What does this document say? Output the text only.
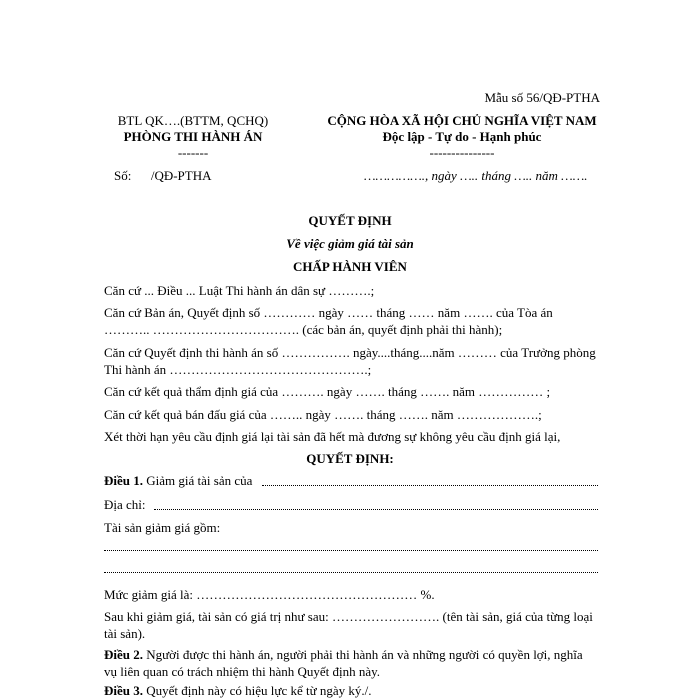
Mẫu số 56/QĐ-PTHA
BTL QK….(BTTM, QCHQ)
PHÒNG THI HÀNH ÁN
-------
Số:      /QĐ-PTHA
CỘNG HÒA XÃ HỘI CHỦ NGHĨA VIỆT NAM
Độc lập - Tự do - Hạnh phúc
---------------
……………., ngày ….. tháng ….. năm …….
QUYẾT ĐỊNH
Về việc giảm giá tài sản
CHẤP HÀNH VIÊN
Căn cứ ... Điều ... Luật Thi hành án dân sự ……….;
Căn cứ Bản án, Quyết định số ………… ngày …… tháng …… năm ……. của Tòa án ……….. ……………………………. (các bản án, quyết định phải thi hành);
Căn cứ Quyết định thi hành án số ……………. ngày....tháng....năm ……… của Trưởng phòng Thi hành án ……………………………………….;
Căn cứ kết quả thẩm định giá của ………. ngày ……. tháng ……. năm …………… ;
Căn cứ kết quả bán đấu giá của …….. ngày ……. tháng ……. năm ……………….;
Xét thời hạn yêu cầu định giá lại tài sản đã hết mà đương sự không yêu cầu định giá lại,
QUYẾT ĐỊNH:
Điều 1. Giảm giá tài sản của
Địa chỉ:
Tài sản giảm giá gồm:
Mức giảm giá là: …………………………………………… %.
Sau khi giảm giá, tài sản có giá trị như sau: ……………………. (tên tài sản, giá của từng loại tài sản).
Điều 2. Người được thi hành án, người phải thi hành án và những người có quyền lợi, nghĩa vụ liên quan có trách nhiệm thi hành Quyết định này.
Điều 3. Quyết định này có hiệu lực kể từ ngày ký./.
